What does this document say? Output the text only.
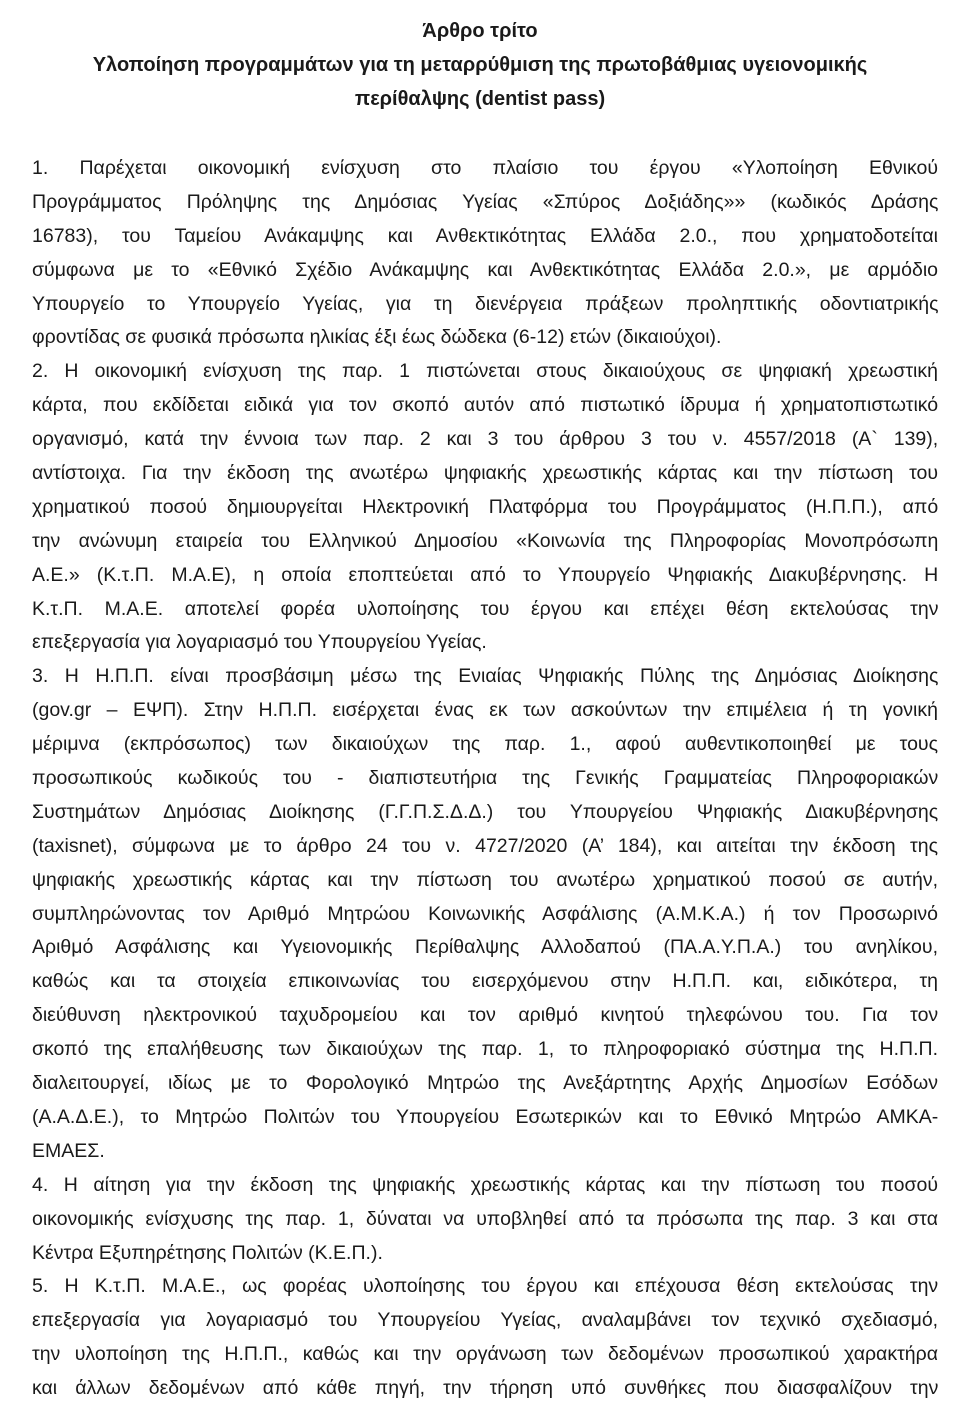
Άρθρο τρίτο
Υλοποίηση προγραμμάτων για τη μεταρρύθμιση της πρωτοβάθμιας υγειονομικής
περίθαλψης (dentist pass)
1. Παρέχεται οικονομική ενίσχυση στο πλαίσιο του έργου «Υλοποίηση Εθνικού
Προγράμματος Πρόληψης της Δημόσιας Υγείας «Σπύρος Δοξιάδης»» (κωδικός Δράσης
16783), του Ταμείου Ανάκαμψης και Ανθεκτικότητας Ελλάδα 2.0., που χρηματοδοτείται
σύμφωνα με το «Εθνικό Σχέδιο Ανάκαμψης και Ανθεκτικότητας Ελλάδα 2.0.», με αρμόδιο
Υπουργείο το Υπουργείο Υγείας, για τη διενέργεια πράξεων προληπτικής οδοντιατρικής
φροντίδας σε φυσικά πρόσωπα ηλικίας έξι έως δώδεκα (6-12) ετών (δικαιούχοι).
2. Η οικονομική ενίσχυση της παρ. 1 πιστώνεται στους δικαιούχους σε ψηφιακή χρεωστική
κάρτα, που εκδίδεται ειδικά για τον σκοπό αυτόν από πιστωτικό ίδρυμα ή χρηματοπιστωτικό
οργανισμό, κατά την έννοια των παρ. 2 και 3 του άρθρου 3 του ν. 4557/2018 (Α` 139),
αντίστοιχα. Για την έκδοση της ανωτέρω ψηφιακής χρεωστικής κάρτας και την πίστωση του
χρηματικού ποσού δημιουργείται Ηλεκτρονική Πλατφόρμα του Προγράμματος (Η.Π.Π.), από
την ανώνυμη εταιρεία του Ελληνικού Δημοσίου «Κοινωνία της Πληροφορίας Μονοπρόσωπη
Α.Ε.» (Κ.τ.Π. Μ.Α.Ε), η οποία εποπτεύεται από το Υπουργείο Ψηφιακής Διακυβέρνησης. Η
Κ.τ.Π. Μ.Α.Ε. αποτελεί φορέα υλοποίησης του έργου και επέχει θέση εκτελούσας την
επεξεργασία για λογαριασμό του Υπουργείου Υγείας.
3. Η Η.Π.Π. είναι προσβάσιμη μέσω της Ενιαίας Ψηφιακής Πύλης της Δημόσιας Διοίκησης
(gov.gr – ΕΨΠ). Στην Η.Π.Π. εισέρχεται ένας εκ των ασκούντων την επιμέλεια ή τη γονική
μέριμνα (εκπρόσωπος) των δικαιούχων της παρ. 1., αφού αυθεντικοποιηθεί με τους
προσωπικούς κωδικούς του - διαπιστευτήρια της Γενικής Γραμματείας Πληροφοριακών
Συστημάτων Δημόσιας Διοίκησης (Γ.Γ.Π.Σ.Δ.Δ.) του Υπουργείου Ψηφιακής Διακυβέρνησης
(taxisnet), σύμφωνα με το άρθρο 24 του ν. 4727/2020 (Α’ 184), και αιτείται την έκδοση της
ψηφιακής χρεωστικής κάρτας και την πίστωση του ανωτέρω χρηματικού ποσού σε αυτήν,
συμπληρώνοντας τον Αριθμό Μητρώου Κοινωνικής Ασφάλισης (Α.Μ.Κ.Α.) ή τον Προσωρινό
Αριθμό Ασφάλισης και Υγειονομικής Περίθαλψης Αλλοδαπού (ΠΑ.Α.Υ.Π.Α.) του ανηλίκου,
καθώς και τα στοιχεία επικοινωνίας του εισερχόμενου στην Η.Π.Π. και, ειδικότερα, τη
διεύθυνση ηλεκτρονικού ταχυδρομείου και τον αριθμό κινητού τηλεφώνου του. Για τον
σκοπό της επαλήθευσης των δικαιούχων της παρ. 1, το πληροφοριακό σύστημα της Η.Π.Π.
διαλειτουργεί, ιδίως με το Φορολογικό Μητρώο της Ανεξάρτητης Αρχής Δημοσίων Εσόδων
(Α.Α.Δ.Ε.), το Μητρώο Πολιτών του Υπουργείου Εσωτερικών και το Εθνικό Μητρώο ΑΜΚΑ-
ΕΜΑΕΣ.
4. Η αίτηση για την έκδοση της ψηφιακής χρεωστικής κάρτας και την πίστωση του ποσού
οικονομικής ενίσχυσης της παρ. 1, δύναται να υποβληθεί από τα πρόσωπα της παρ. 3 και στα
Κέντρα Εξυπηρέτησης Πολιτών (Κ.Ε.Π.).
5. Η Κ.τ.Π. Μ.Α.Ε., ως φορέας υλοποίησης του έργου και επέχουσα θέση εκτελούσας την
επεξεργασία για λογαριασμό του Υπουργείου Υγείας, αναλαμβάνει τον τεχνικό σχεδιασμό,
την υλοποίηση της Η.Π.Π., καθώς και την οργάνωση των δεδομένων προσωπικού χαρακτήρα
και άλλων δεδομένων από κάθε πηγή, την τήρηση υπό συνθήκες που διασφαλίζουν την
